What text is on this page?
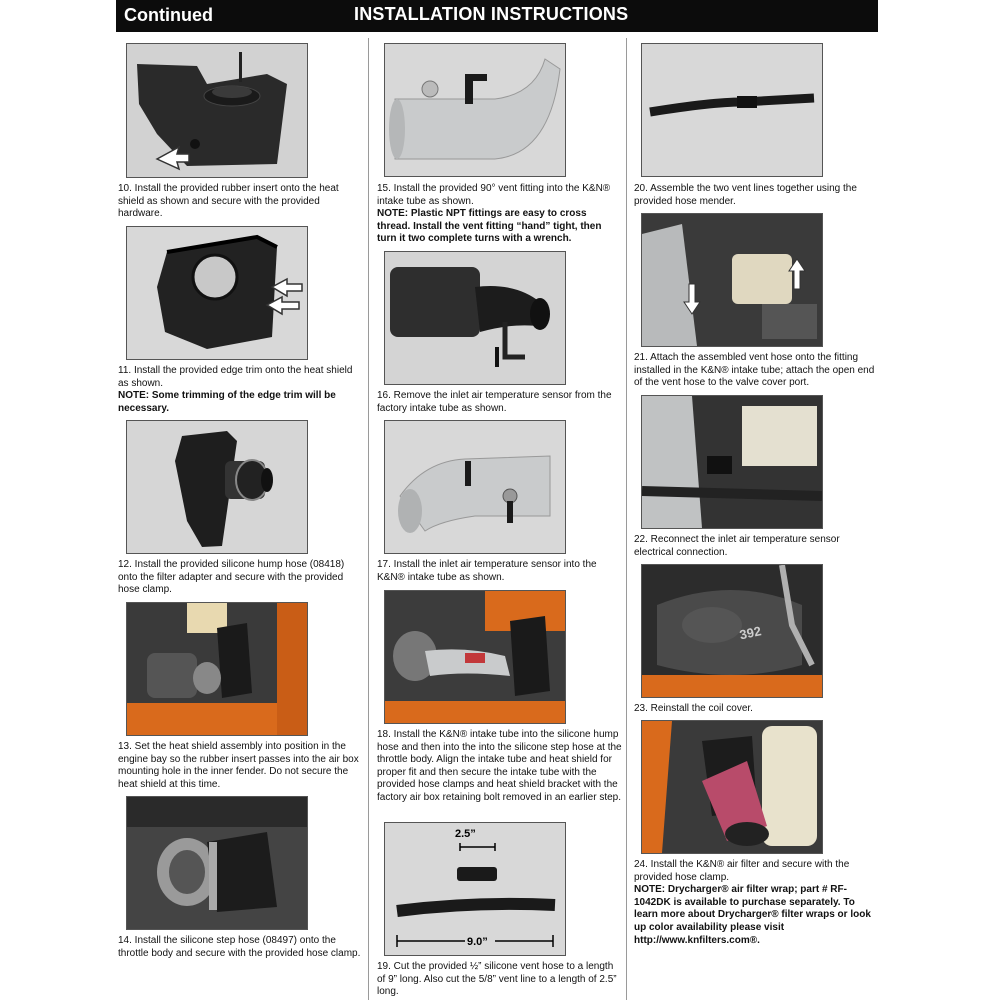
Continued	INSTALLATION INSTRUCTIONS

10. Install the provided rubber insert onto the heat shield as shown and secure with the provided hardware.

11. Install the provided edge trim onto the heat shield as shown.

NOTE: Some trimming of the edge trim will be necessary.

12. Install the provided silicone hump hose (08418) onto the filter adapter and secure with the provided hose clamp.

13. Set the heat shield assembly into position in the engine bay so the rubber insert passes into the air box mounting hole in the inner fender. Do not secure the heat shield at this time.

14. Install the silicone step hose (08497) onto the throttle body and secure with the provided hose clamp.

15. Install the provided 90° vent fitting into the K&N® intake tube as shown.

NOTE: Plastic NPT fittings are easy to cross thread. Install the vent fitting “hand” tight, then turn it two complete turns with a wrench.

16. Remove the inlet air temperature sensor from the factory intake tube as shown.

17. Install the inlet air temperature sensor into the K&N® intake tube as shown.

18. Install the K&N® intake tube into the silicone hump hose and then into the into the silicone step hose at the throttle body. Align the intake tube and heat shield for proper fit and then secure the intake tube with the provided hose clamps and heat shield bracket with the factory air box retaining bolt removed in an earlier step.

2.5”
9.0”

19. Cut the provided ½” silicone vent hose to a length of 9” long. Also cut the 5/8” vent line to a length of 2.5” long.

20. Assemble the two vent lines together using the provided hose mender.

21. Attach the assembled vent hose onto the fitting installed in the K&N® intake tube; attach the open end of the vent hose to the valve cover port.

22. Reconnect the inlet air temperature sensor electrical connection.

392

23. Reinstall the coil cover.

24. Install the K&N® air filter and secure with the provided hose clamp.

NOTE: Drycharger® air filter wrap; part # RF-1042DK is available to purchase separately. To learn more about Drycharger® filter wraps or look up color availability please visit http://www.knfilters.com®.
